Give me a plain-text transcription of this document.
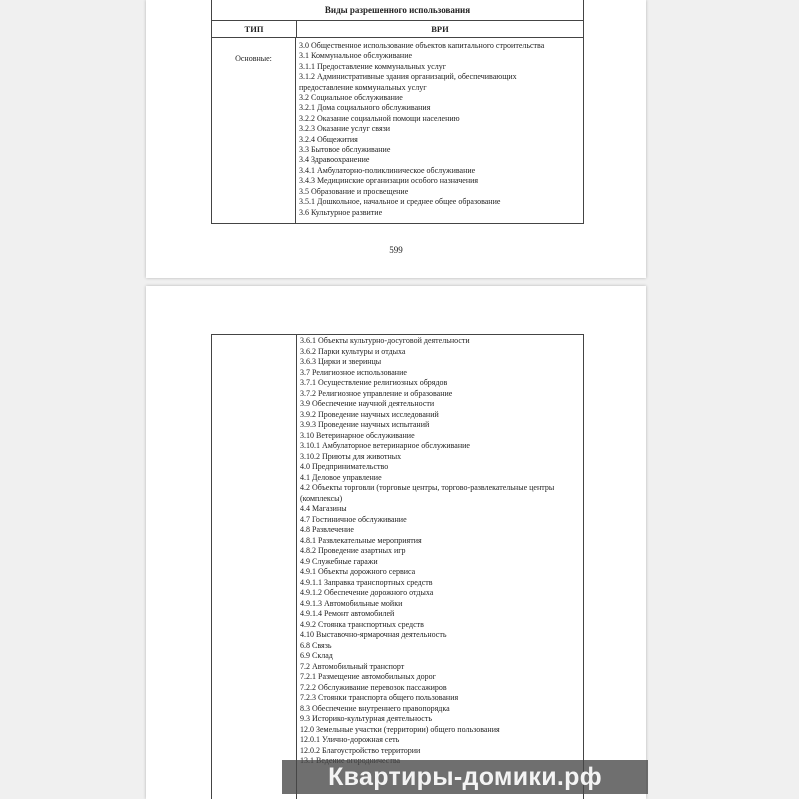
Виды разрешенного использования
ТИП	ВРИ
Основные:
3.0 Общественное использование объектов капитального строительства
3.1 Коммунальное обслуживание
3.1.1 Предоставление коммунальных услуг
3.1.2 Административные здания организаций, обеспечивающих
предоставление коммунальных услуг
3.2 Социальное обслуживание
3.2.1 Дома социального обслуживания
3.2.2 Оказание социальной помощи населению
3.2.3 Оказание услуг связи
3.2.4 Общежития
3.3 Бытовое обслуживание
3.4 Здравоохранение
3.4.1 Амбулаторно-поликлиническое обслуживание
3.4.3 Медицинские организации особого назначения
3.5 Образование и просвещение
3.5.1 Дошкольное, начальное и среднее общее образование
3.6 Культурное развитие
599
3.6.1 Объекты культурно-досуговой деятельности
3.6.2 Парки культуры и отдыха
3.6.3 Цирки и зверинцы
3.7 Религиозное использование
3.7.1 Осуществление религиозных обрядов
3.7.2 Религиозное управление и образование
3.9 Обеспечение научной деятельности
3.9.2 Проведение научных исследований
3.9.3 Проведение научных испытаний
3.10 Ветеринарное обслуживание
3.10.1 Амбулаторное ветеринарное обслуживание
3.10.2 Приюты для животных
4.0 Предпринимательство
4.1 Деловое управление
4.2 Объекты торговли (торговые центры, торгово-развлекательные центры
(комплексы)
4.4 Магазины
4.7 Гостиничное обслуживание
4.8 Развлечение
4.8.1 Развлекательные мероприятия
4.8.2 Проведение азартных игр
4.9 Служебные гаражи
4.9.1 Объекты дорожного сервиса
4.9.1.1 Заправка транспортных средств
4.9.1.2 Обеспечение дорожного отдыха
4.9.1.3 Автомобильные мойки
4.9.1.4 Ремонт автомобилей
4.9.2 Стоянка транспортных средств
4.10 Выставочно-ярмарочная деятельность
6.8 Связь
6.9 Склад
7.2 Автомобильный транспорт
7.2.1 Размещение автомобильных дорог
7.2.2 Обслуживание перевозок пассажиров
7.2.3 Стоянки транспорта общего пользования
8.3 Обеспечение внутреннего правопорядка
9.3 Историко-культурная деятельность
12.0 Земельные участки (территории) общего пользования
12.0.1 Улично-дорожная сеть
12.0.2 Благоустройство территории
Квартиры-домики.рф
